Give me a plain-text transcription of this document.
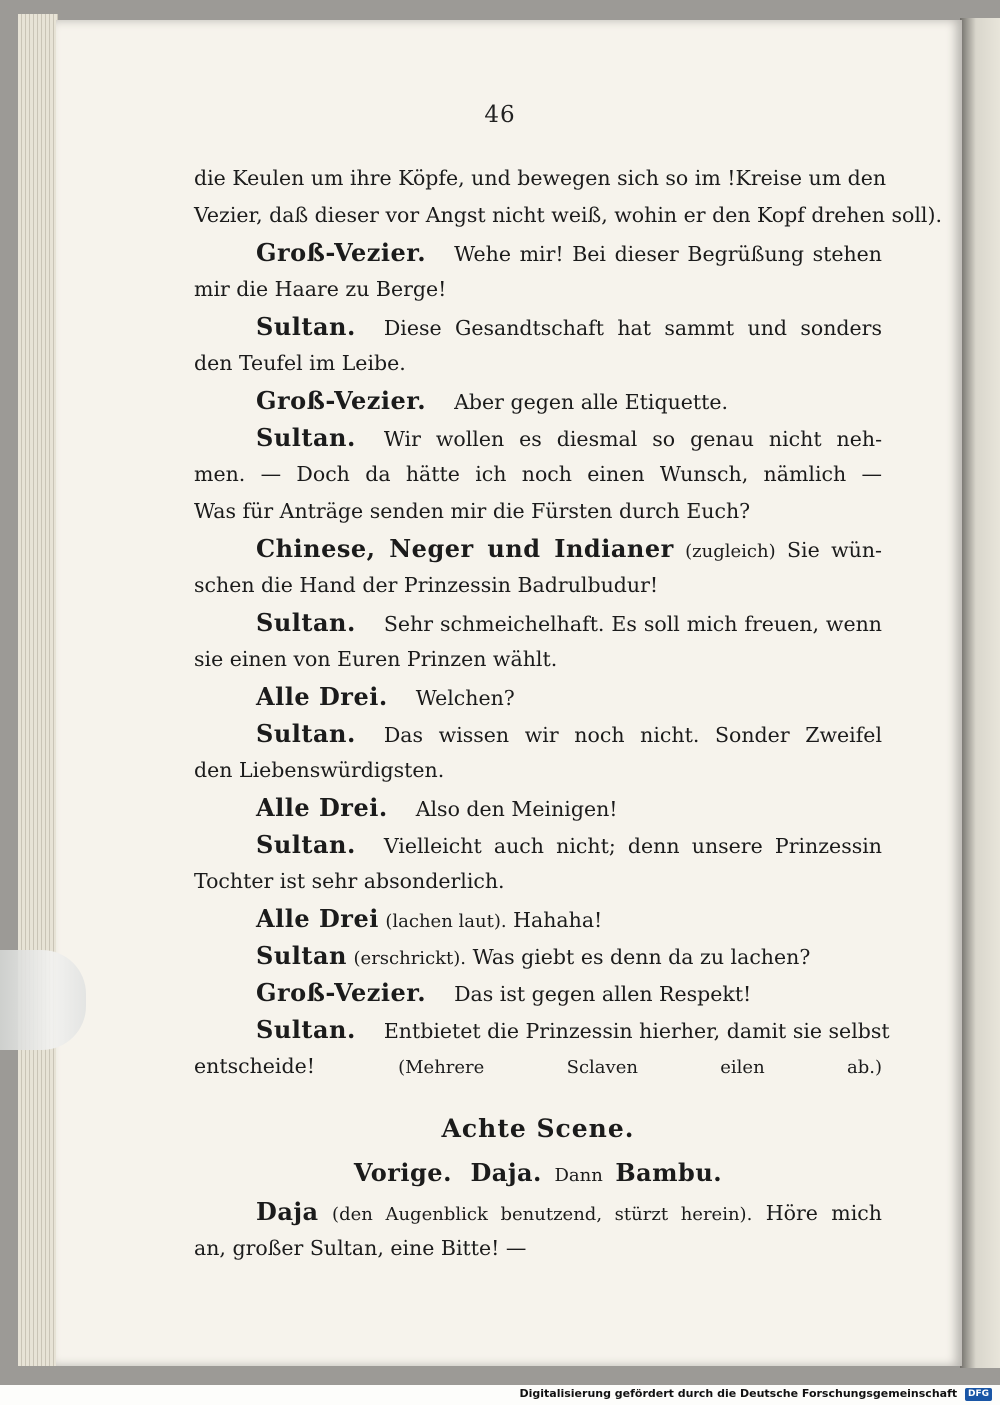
46
die Keulen um ihre Köpfe, und bewegen sich so im !Kreise um den
Vezier, daß dieser vor Angst nicht weiß, wohin er den Kopf drehen soll).
Groß-Vezier. Wehe mir! Bei dieser Begrüßung stehen
mir die Haare zu Berge!
Sultan. Diese Gesandtschaft hat sammt und sonders
den Teufel im Leibe.
Groß-Vezier. Aber gegen alle Etiquette.
Sultan. Wir wollen es diesmal so genau nicht neh-
men. — Doch da hätte ich noch einen Wunsch, nämlich —
Was für Anträge senden mir die Fürsten durch Euch?
Chinese, Neger und Indianer (zugleich) Sie wün-
schen die Hand der Prinzessin Badrulbudur!
Sultan. Sehr schmeichelhaft. Es soll mich freuen, wenn
sie einen von Euren Prinzen wählt.
Alle Drei. Welchen?
Sultan. Das wissen wir noch nicht. Sonder Zweifel
den Liebenswürdigsten.
Alle Drei. Also den Meinigen!
Sultan. Vielleicht auch nicht; denn unsere Prinzessin
Tochter ist sehr absonderlich.
Alle Drei (lachen laut). Hahaha!
Sultan (erschrickt). Was giebt es denn da zu lachen?
Groß-Vezier. Das ist gegen allen Respekt!
Sultan. Entbietet die Prinzessin hierher, damit sie selbst
entscheide!	(Mehrere Sclaven eilen ab.)
Achte Scene.
Vorige. Daja. Dann Bambu.
Daja (den Augenblick benutzend, stürzt herein). Höre mich
an, großer Sultan, eine Bitte! —
Digitalisierung gefördert durch die Deutsche Forschungsgemeinschaft DFG
